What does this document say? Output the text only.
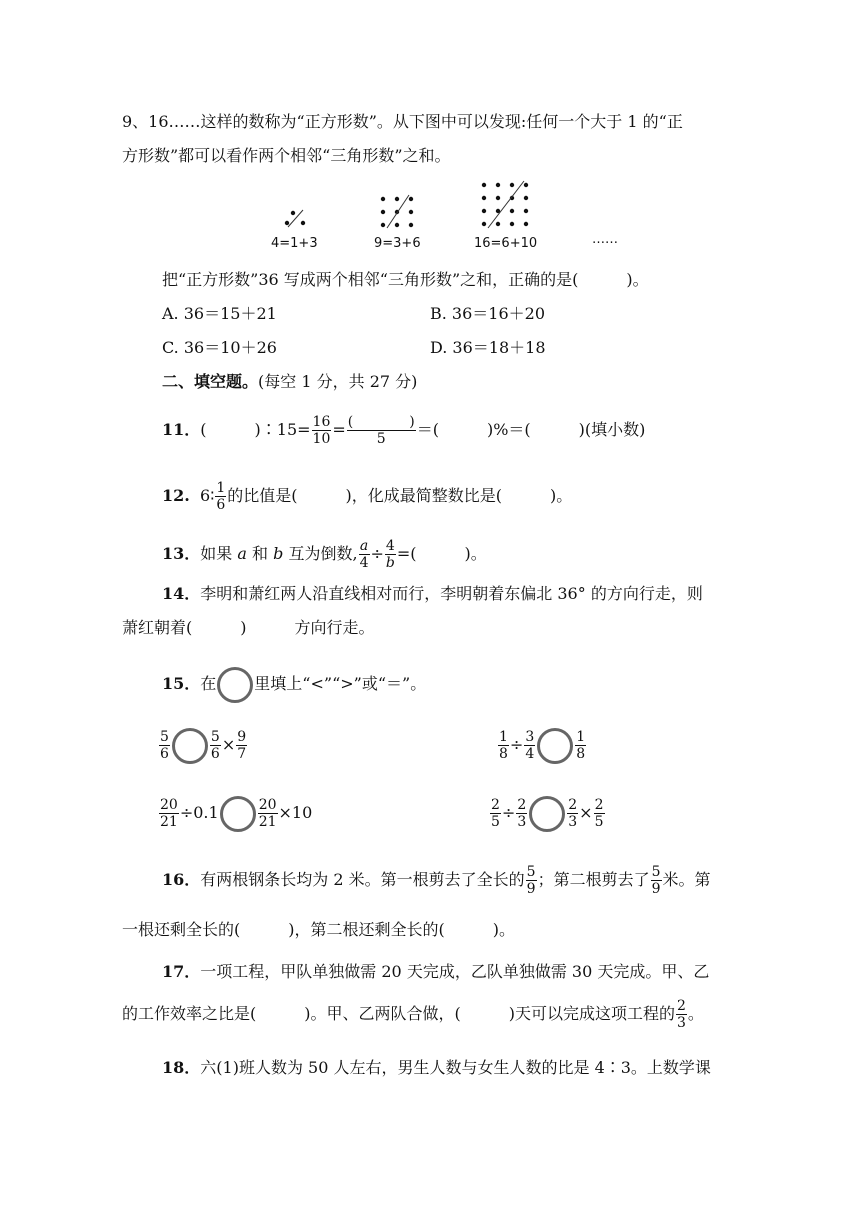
9、16……这样的数称为“正方形数”。从下图中可以发现:任何一个大于 1 的“正
方形数”都可以看作两个相邻“三角形数”之和。
4=1+3	9=3+6	16=6+10	……
把“正方形数”36 写成两个相邻“三角形数”之和，正确的是(　　　)。
A. 36＝15＋21	B. 36＝16＋20
C. 36＝10＋26	D. 36＝18＋18
二、填空题。(每空 1 分，共 27 分)
11．(　　　)∶15= $\frac{16}{10} = \frac{( )}{5}$ ＝(　　　)%＝(　　　)(填小数)
12. 6∶ $\frac{1}{6}$ 的比值是(　　　)，化成最简整数比是(　　　)。
13．如果 a 和 b 互为倒数, $\frac{a}{4} \div \frac{4}{b}$ =(　　　)。
14．李明和萧红两人沿直线相对而行，李明朝着东偏北 36° 的方向行走，则
萧红朝着(　　　)　　　方向行走。
15．在 里填上“<”“>”或“＝”。
$\frac{5}{6}$	$\frac{5}{6} \times \frac{9}{7}$	$\frac{1}{8} \div \frac{3}{4}$	$\frac{1}{8}$
$\frac{20}{21} \div 0.1$	$\frac{20}{21} \times 10$	$\frac{2}{5} \div \frac{2}{3}$	$\frac{2}{3} \times \frac{2}{5}$
16．有两根钢条长均为 2 米。第一根剪去了全长的 $\frac{5}{9}$ ；第二根剪去了 $\frac{5}{9}$ 米。第
一根还剩全长的(　　　)，第二根还剩全长的(　　　)。
17．一项工程，甲队单独做需 20 天完成，乙队单独做需 30 天完成。甲、乙
的工作效率之比是(　　　)。甲、乙两队合做，(　　　)天可以完成这项工程的 $\frac{2}{3}$ 。
18．六(1)班人数为 50 人左右，男生人数与女生人数的比是 4∶3。上数学课
